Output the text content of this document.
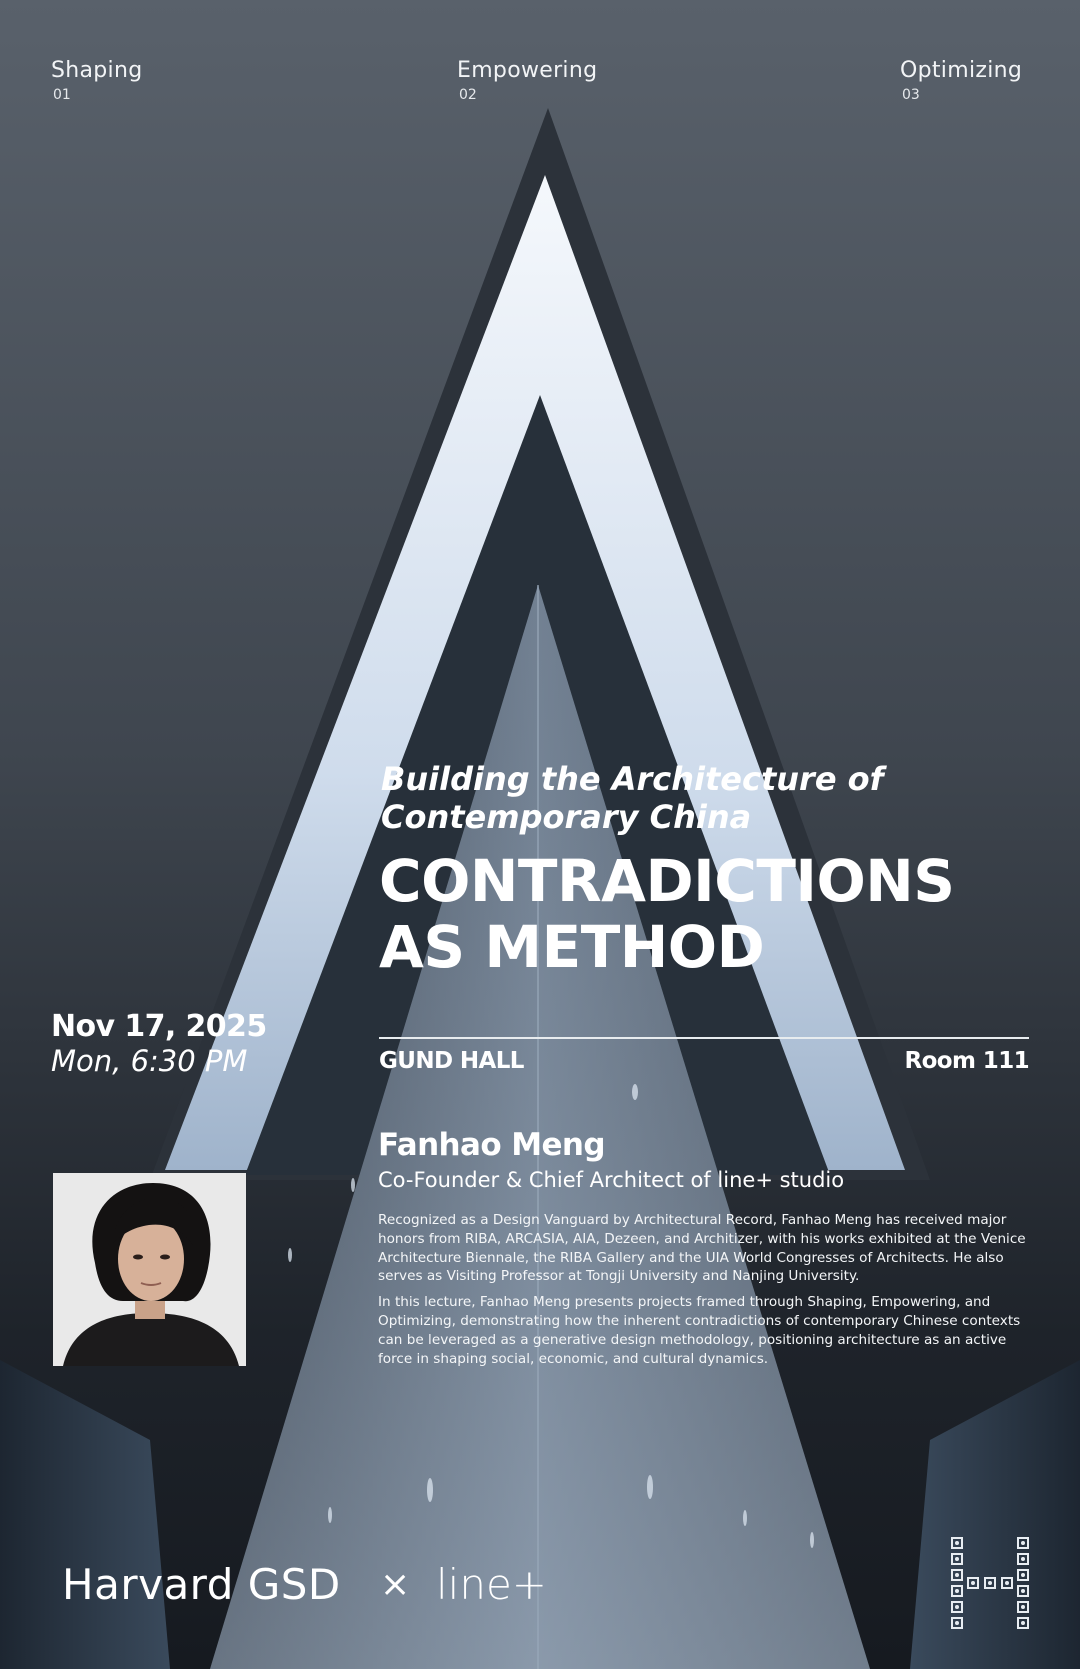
Shaping
01
Empowering
02
Optimizing
03
Building the Architecture of
Contemporary China
CONTRADICTIONS
AS METHOD
Nov 17, 2025
Mon, 6:30 PM	GUND HALL	Room 111
Fanhao Meng
Co-Founder & Chief Architect of line+ studio

Recognized as a Design Vanguard by Architectural Record, Fanhao Meng has received major honors from RIBA, ARCASIA, AIA, Dezeen, and Architizer, with his works exhibited at the Venice Architecture Biennale, the RIBA Gallery and the UIA World Congresses of Architects. He also serves as Visiting Professor at Tongji University and Nanjing University.

In this lecture, Fanhao Meng presents projects framed through Shaping, Empowering, and Optimizing, demonstrating how the inherent contradictions of contemporary Chinese contexts can be leveraged as a generative design methodology, positioning architecture as an active force in shaping social, economic, and cultural dynamics.

Harvard GSD × line+
